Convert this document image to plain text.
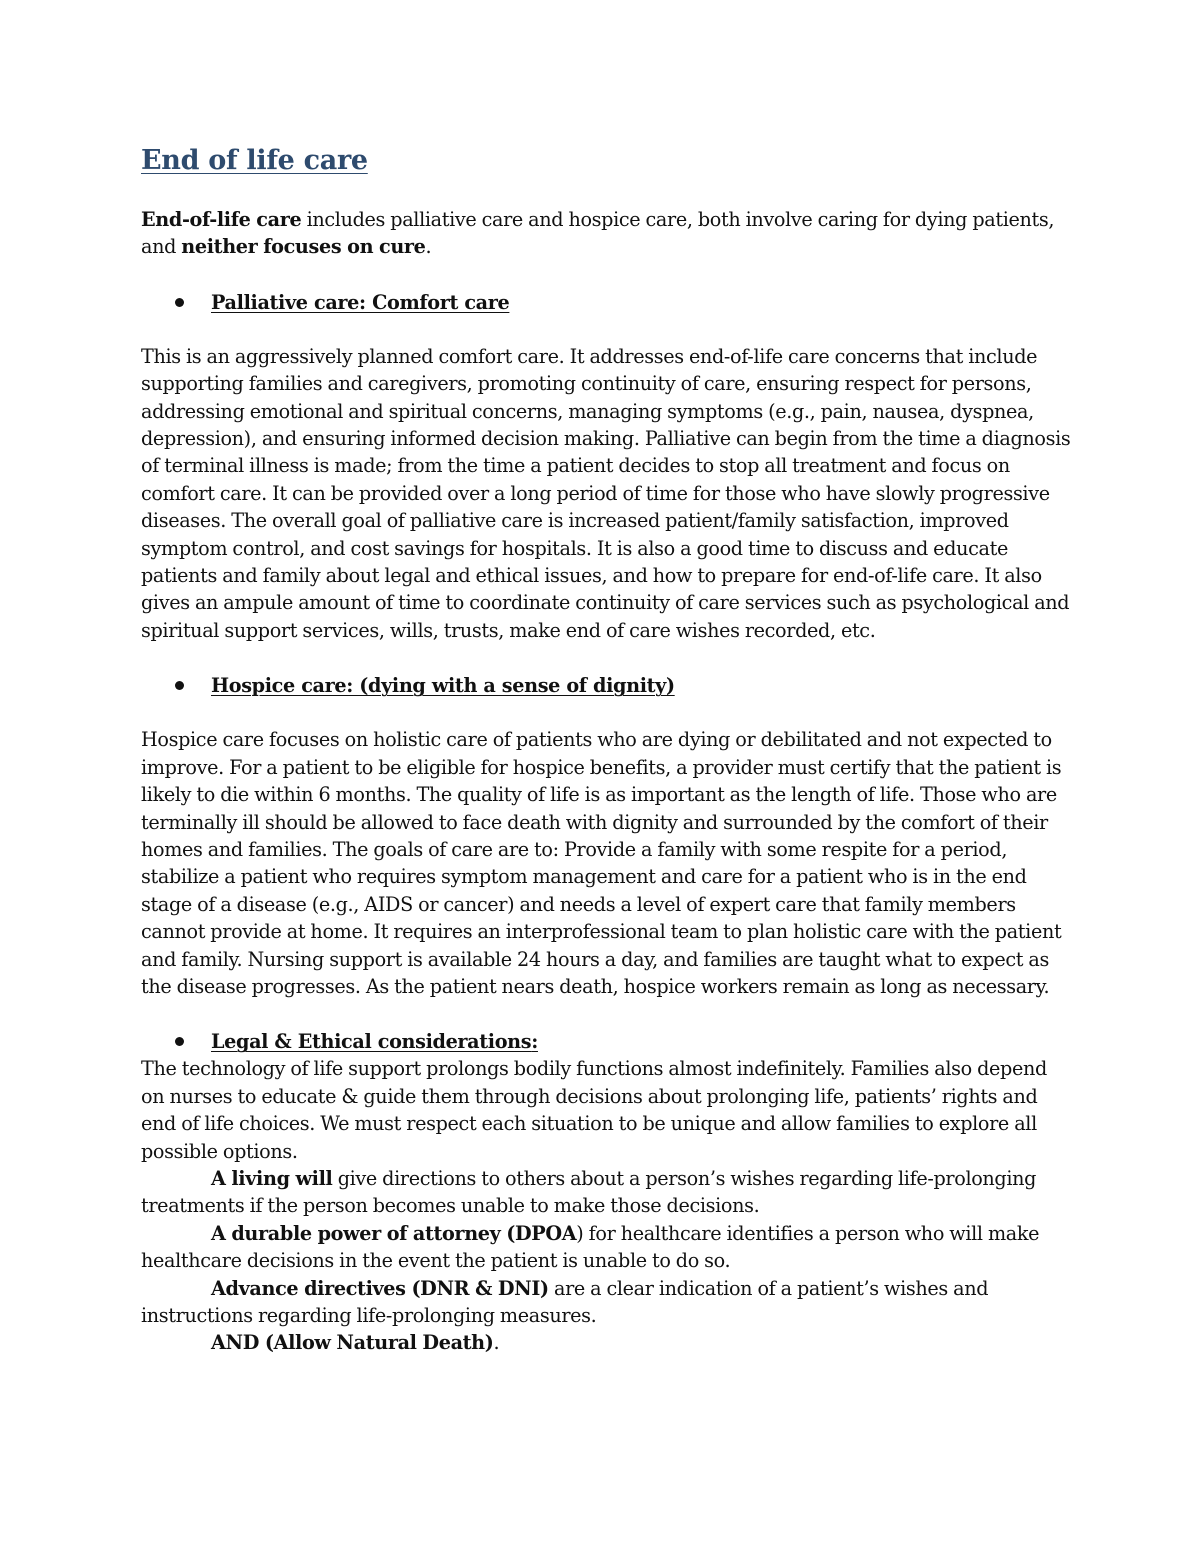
End of life care

End-of-life care includes palliative care and hospice care, both involve caring for dying patients, and neither focuses on cure.

Palliative care: Comfort care

This is an aggressively planned comfort care. It addresses end-of-life care concerns that include supporting families and caregivers, promoting continuity of care, ensuring respect for persons, addressing emotional and spiritual concerns, managing symptoms (e.g., pain, nausea, dyspnea, depression), and ensuring informed decision making. Palliative can begin from the time a diagnosis of terminal illness is made; from the time a patient decides to stop all treatment and focus on comfort care. It can be provided over a long period of time for those who have slowly progressive diseases. The overall goal of palliative care is increased patient/family satisfaction, improved symptom control, and cost savings for hospitals. It is also a good time to discuss and educate patients and family about legal and ethical issues, and how to prepare for end-of-life care. It also gives an ampule amount of time to coordinate continuity of care services such as psychological and spiritual support services, wills, trusts, make end of care wishes recorded, etc.

Hospice care: (dying with a sense of dignity)

Hospice care focuses on holistic care of patients who are dying or debilitated and not expected to improve. For a patient to be eligible for hospice benefits, a provider must certify that the patient is likely to die within 6 months. The quality of life is as important as the length of life. Those who are terminally ill should be allowed to face death with dignity and surrounded by the comfort of their homes and families. The goals of care are to: Provide a family with some respite for a period, stabilize a patient who requires symptom management and care for a patient who is in the end stage of a disease (e.g., AIDS or cancer) and needs a level of expert care that family members cannot provide at home. It requires an interprofessional team to plan holistic care with the patient and family. Nursing support is available 24 hours a day, and families are taught what to expect as the disease progresses. As the patient nears death, hospice workers remain as long as necessary.

Legal & Ethical considerations:

The technology of life support prolongs bodily functions almost indefinitely. Families also depend on nurses to educate & guide them through decisions about prolonging life, patients’ rights and end of life choices. We must respect each situation to be unique and allow families to explore all possible options.

A living will give directions to others about a person’s wishes regarding life-prolonging treatments if the person becomes unable to make those decisions.

A durable power of attorney (DPOA) for healthcare identifies a person who will make healthcare decisions in the event the patient is unable to do so.

Advance directives (DNR & DNI) are a clear indication of a patient’s wishes and instructions regarding life-prolonging measures.

AND (Allow Natural Death).
